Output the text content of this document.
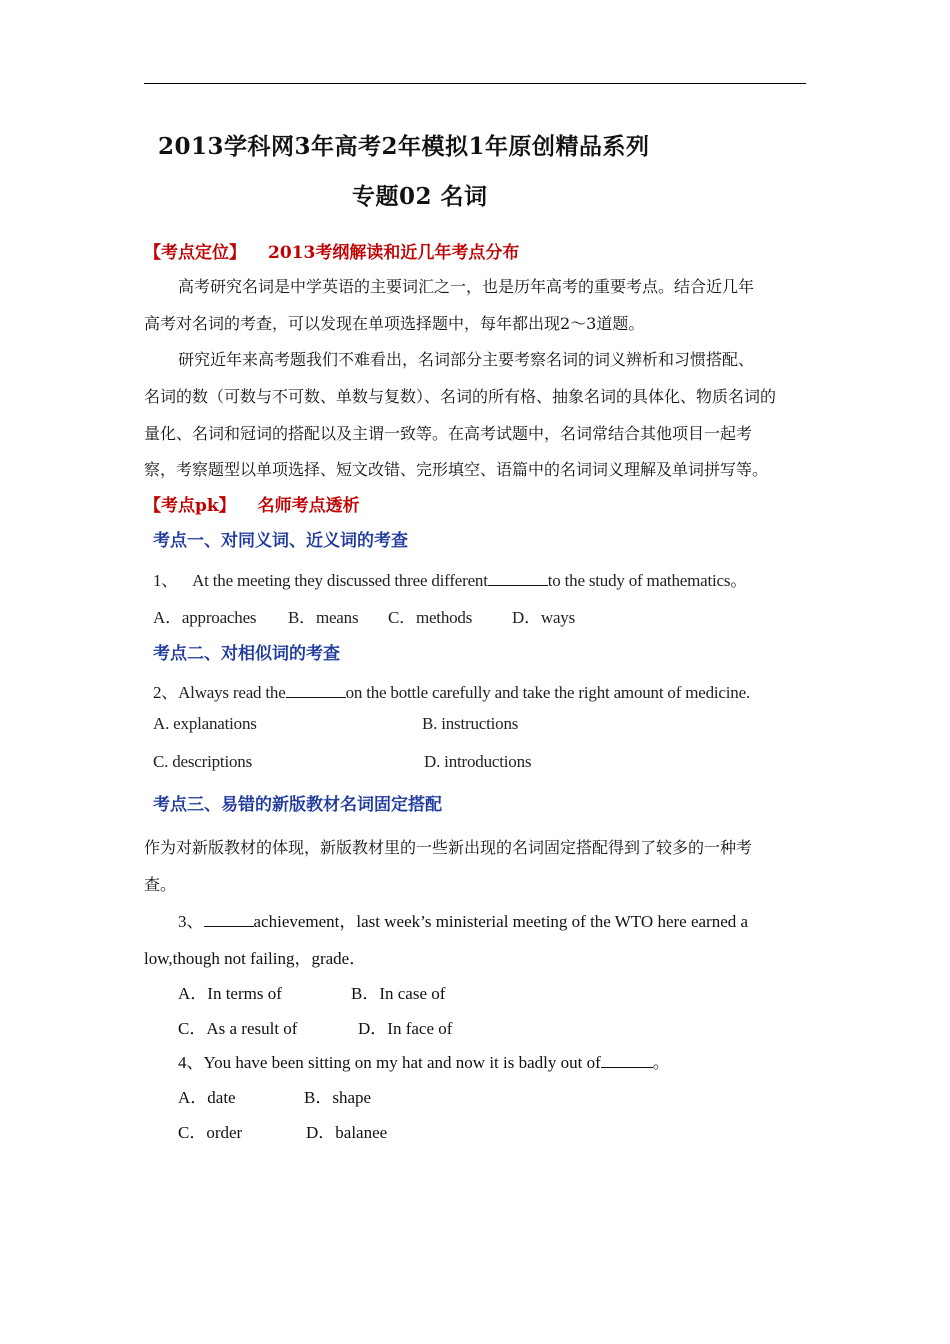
2013学科网3年高考2年模拟1年原创精品系列
专题02 名词
【考点定位】 2013考纲解读和近几年考点分布
高考研究名词是中学英语的主要词汇之一，也是历年高考的重要考点。结合近几年
高考对名词的考查，可以发现在单项选择题中，每年都出现2～3道题。
研究近年来高考题我们不难看出，名词部分主要考察名词的词义辨析和习惯搭配、
名词的数（可数与不可数、单数与复数）、名词的所有格、抽象名词的具体化、物质名词的
量化、名词和冠词的搭配以及主谓一致等。在高考试题中，名词常结合其他项目一起考
察，考察题型以单项选择、短文改错、完形填空、语篇中的名词词义理解及单词拼写等。
【考点pk】 名师考点透析
考点一、对同义词、近义词的考查
1、 At the meeting they discussed three different	to the study of mathematics。
A．approaches B．means C．methods D．ways
考点二、对相似词的考查
2、Always read the	on the bottle carefully and take the right amount of medicine.
A. explanations	B. instructions
C. descriptions	D. introductions
考点三、易错的新版教材名词固定搭配
作为对新版教材的体现，新版教材里的一些新出现的名词固定搭配得到了较多的一种考
查。
3、	achievement，last week’s ministerial meeting of the WTO here earned a
low,though not failing，grade．
A．In terms of	B．In case of
C．As a result of	D．In face of
4、You have been sitting on my hat and now it is badly out of	。
A．date	B．shape
C．order	D．balanee
